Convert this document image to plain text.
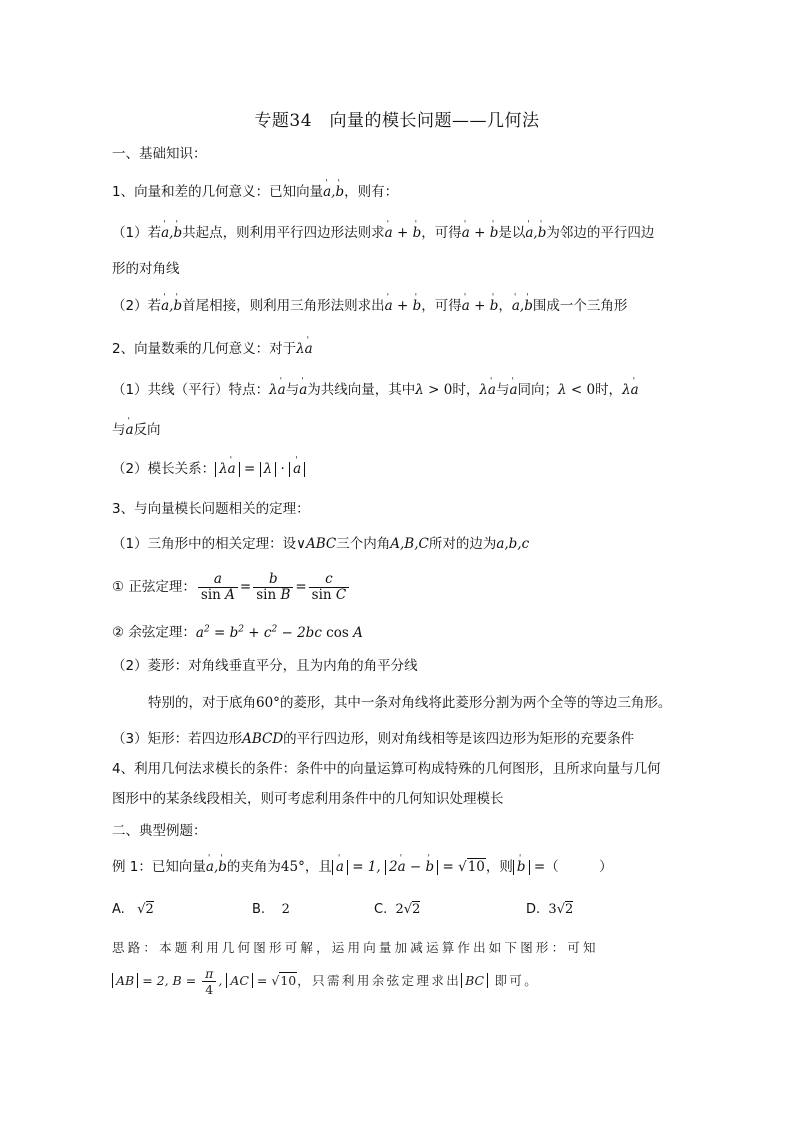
专题34　向量的模长问题——几何法
一、基础知识：
1、向量和差的几何意义：已知向量' a,' b，则有：
（1）若' a,' b共起点，则利用平行四边形法则求' a + ' b，可得' a + ' b是以' a,' b为邻边的平行四边
形的对角线
（2）若' a,' b首尾相接，则利用三角形法则求出' a + ' b，可得' a + ' b，' a,' b围成一个三角形
2、向量数乘的几何意义：对于λ' a
（1）共线（平行）特点：λ' a与' a为共线向量，其中λ > 0时，λ' a与' a同向；λ < 0时，λ' a
与' a反向
（2）模长关系： λ' a = λ · ' a
3、与向量模长问题相关的定理：
（1）三角形中的相关定理：设∨ABC三个内角A,B,C所对的边为a,b,c
① 正弦定理： $\frac{a}{\text{sin A}} = \frac{b}{\text{sin B}} = \frac{c}{\text{sin C}}$
② 余弦定理：$a^2 = b^2 + c^2 - 2bc$ cos A
（2）菱形：对角线垂直平分，且为内角的角平分线
特别的，对于底角60°的菱形，其中一条对角线将此菱形分割为两个全等的等边三角形。
（3）矩形：若四边形ABCD的平行四边形，则对角线相等是该四边形为矩形的充要条件
4、利用几何法求模长的条件：条件中的向量运算可构成特殊的几何图形，且所求向量与几何
图形中的某条线段相关，则可考虑利用条件中的几何知识处理模长
二、典型例题：
例 1：已知向量' a,' b的夹角为45°，且 ' a = 1, 2' a − ' b = √10，则 ' b =（　　　）
A. √2	B. 2	C. 2√2	D. 3√2
思路：本题利用几何图形可解，运用向量加减运算作出如下图形：可知
AB = 2, $B = \frac{\pi}{4}$ , AC = √10，只需利用余弦定理求出 BC 即可。
